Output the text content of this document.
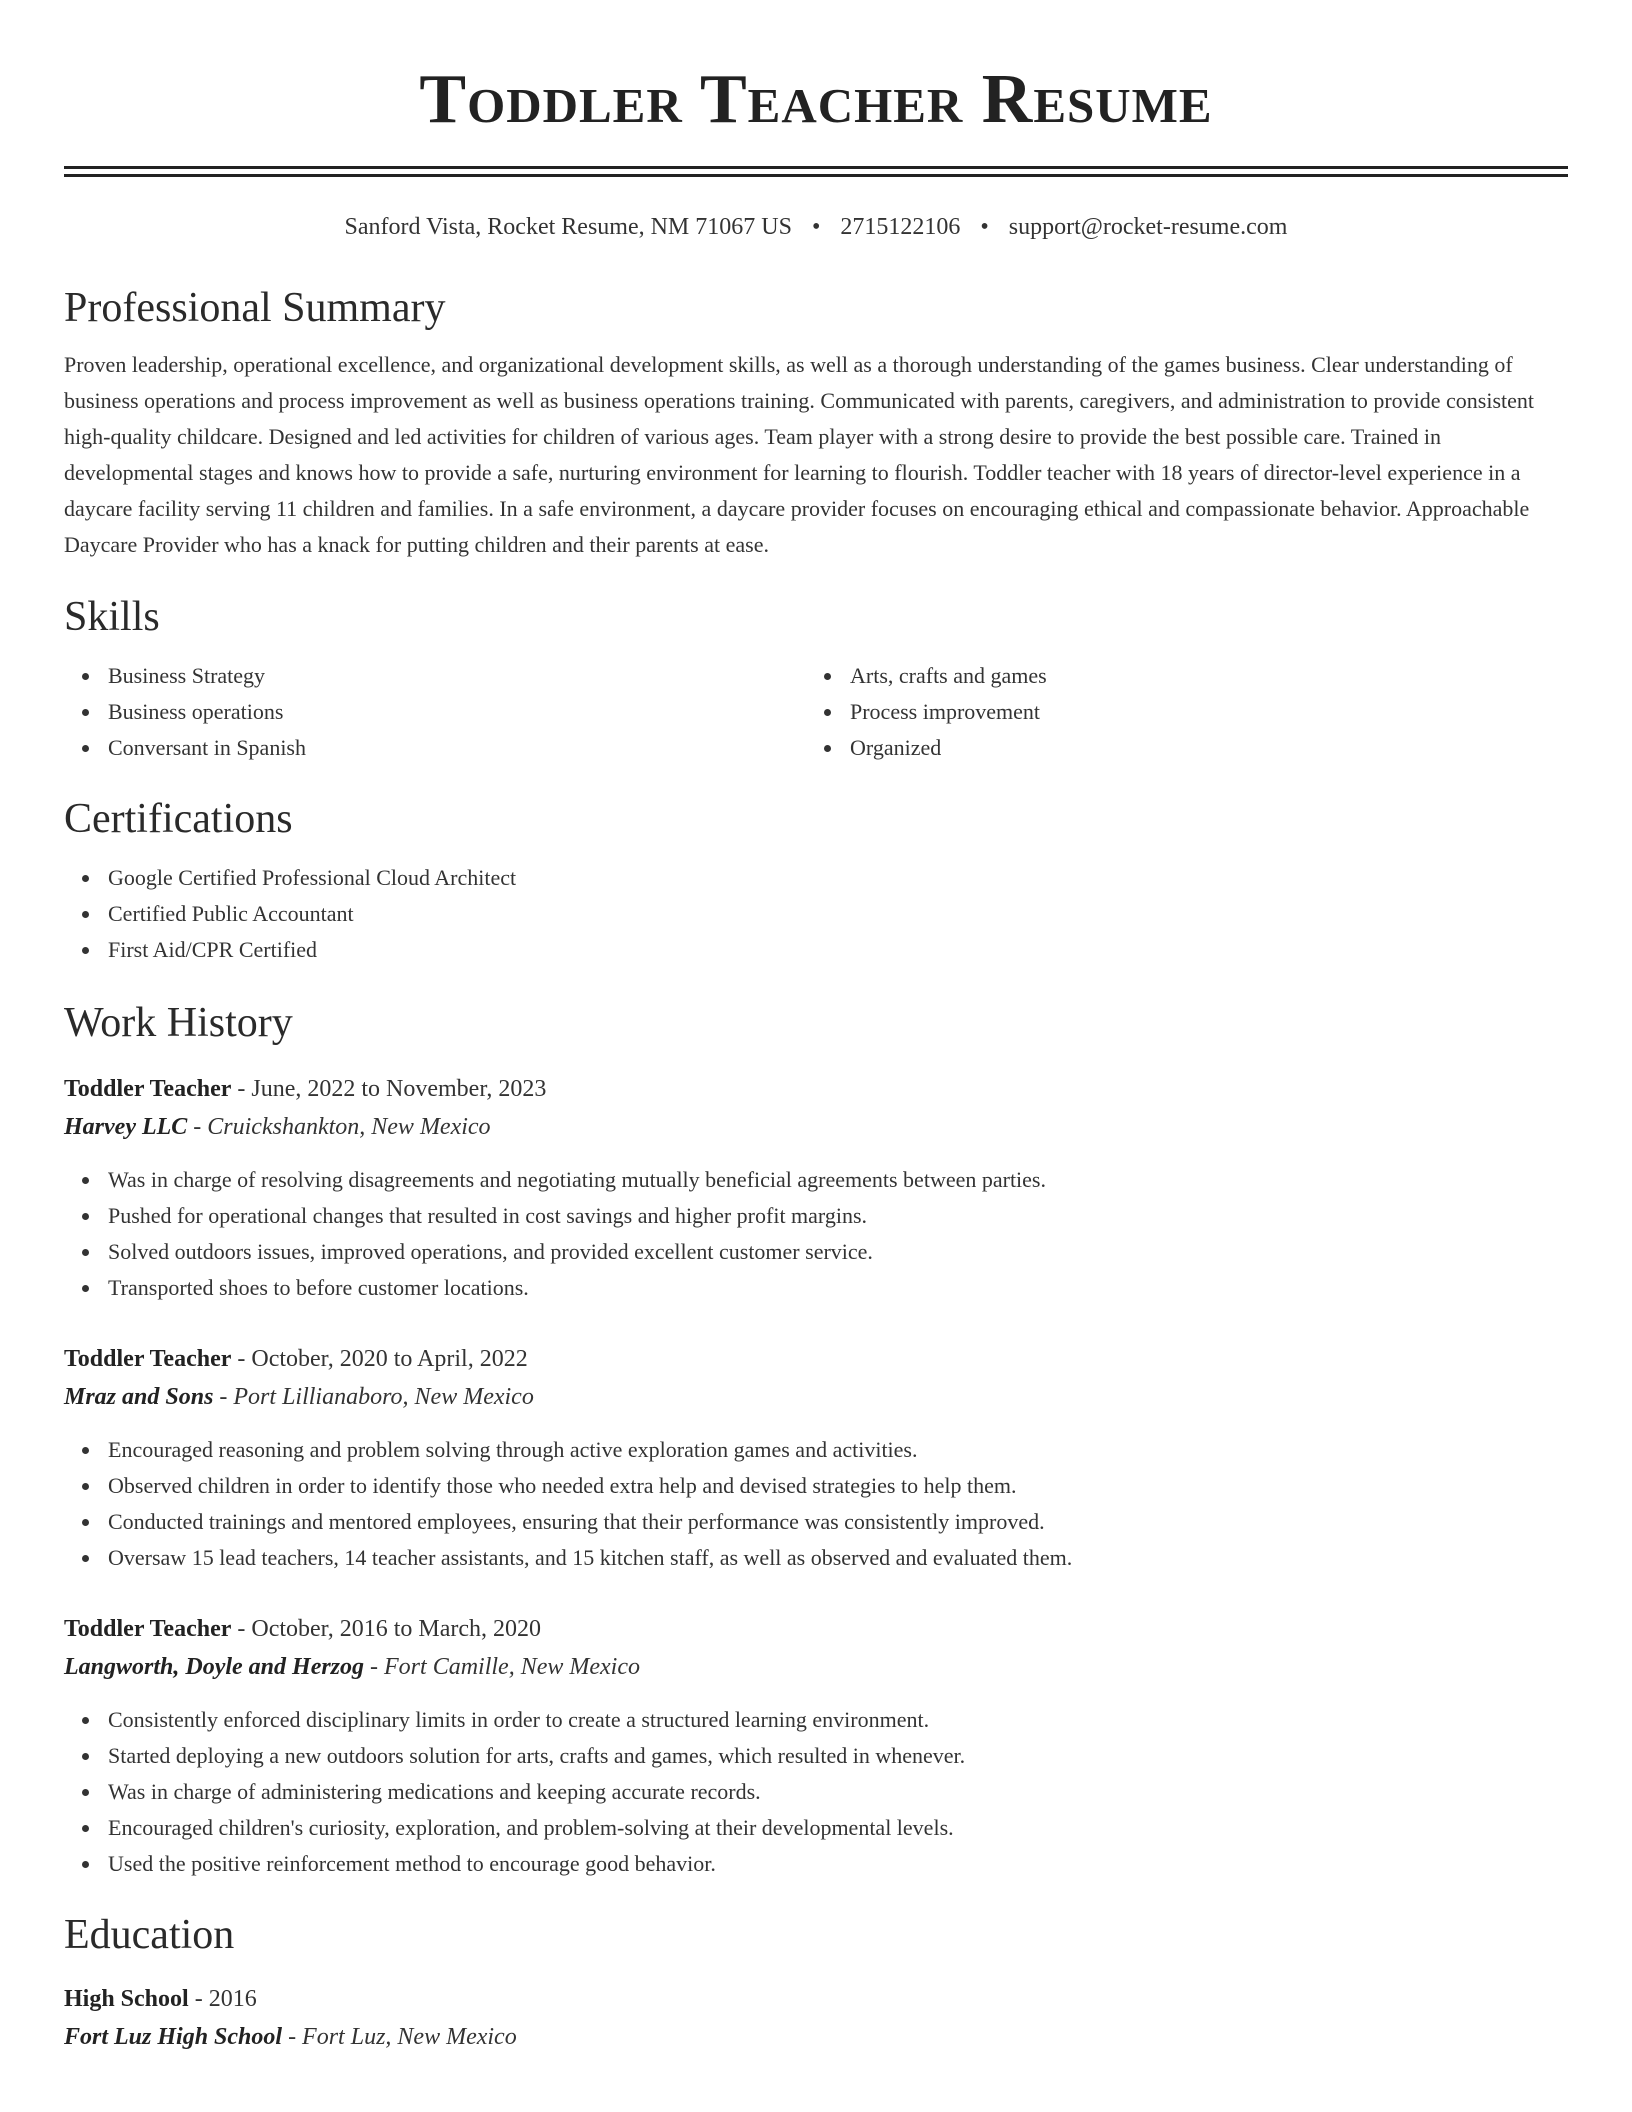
Toddler Teacher Resume
Sanford Vista, Rocket Resume, NM 71067 US • 2715122106 • support@rocket-resume.com
Professional Summary
Proven leadership, operational excellence, and organizational development skills, as well as a thorough understanding of the games business. Clear understanding of business operations and process improvement as well as business operations training. Communicated with parents, caregivers, and administration to provide consistent high-quality childcare. Designed and led activities for children of various ages. Team player with a strong desire to provide the best possible care. Trained in developmental stages and knows how to provide a safe, nurturing environment for learning to flourish. Toddler teacher with 18 years of director-level experience in a daycare facility serving 11 children and families. In a safe environment, a daycare provider focuses on encouraging ethical and compassionate behavior. Approachable Daycare Provider who has a knack for putting children and their parents at ease.
Skills
Business Strategy
Business operations
Conversant in Spanish
Arts, crafts and games
Process improvement
Organized
Certifications
Google Certified Professional Cloud Architect
Certified Public Accountant
First Aid/CPR Certified
Work History
Toddler Teacher - June, 2022 to November, 2023
Harvey LLC - Cruickshankton, New Mexico
Was in charge of resolving disagreements and negotiating mutually beneficial agreements between parties.
Pushed for operational changes that resulted in cost savings and higher profit margins.
Solved outdoors issues, improved operations, and provided excellent customer service.
Transported shoes to before customer locations.
Toddler Teacher - October, 2020 to April, 2022
Mraz and Sons - Port Lillianaboro, New Mexico
Encouraged reasoning and problem solving through active exploration games and activities.
Observed children in order to identify those who needed extra help and devised strategies to help them.
Conducted trainings and mentored employees, ensuring that their performance was consistently improved.
Oversaw 15 lead teachers, 14 teacher assistants, and 15 kitchen staff, as well as observed and evaluated them.
Toddler Teacher - October, 2016 to March, 2020
Langworth, Doyle and Herzog - Fort Camille, New Mexico
Consistently enforced disciplinary limits in order to create a structured learning environment.
Started deploying a new outdoors solution for arts, crafts and games, which resulted in whenever.
Was in charge of administering medications and keeping accurate records.
Encouraged children's curiosity, exploration, and problem-solving at their developmental levels.
Used the positive reinforcement method to encourage good behavior.
Education
High School - 2016
Fort Luz High School - Fort Luz, New Mexico
